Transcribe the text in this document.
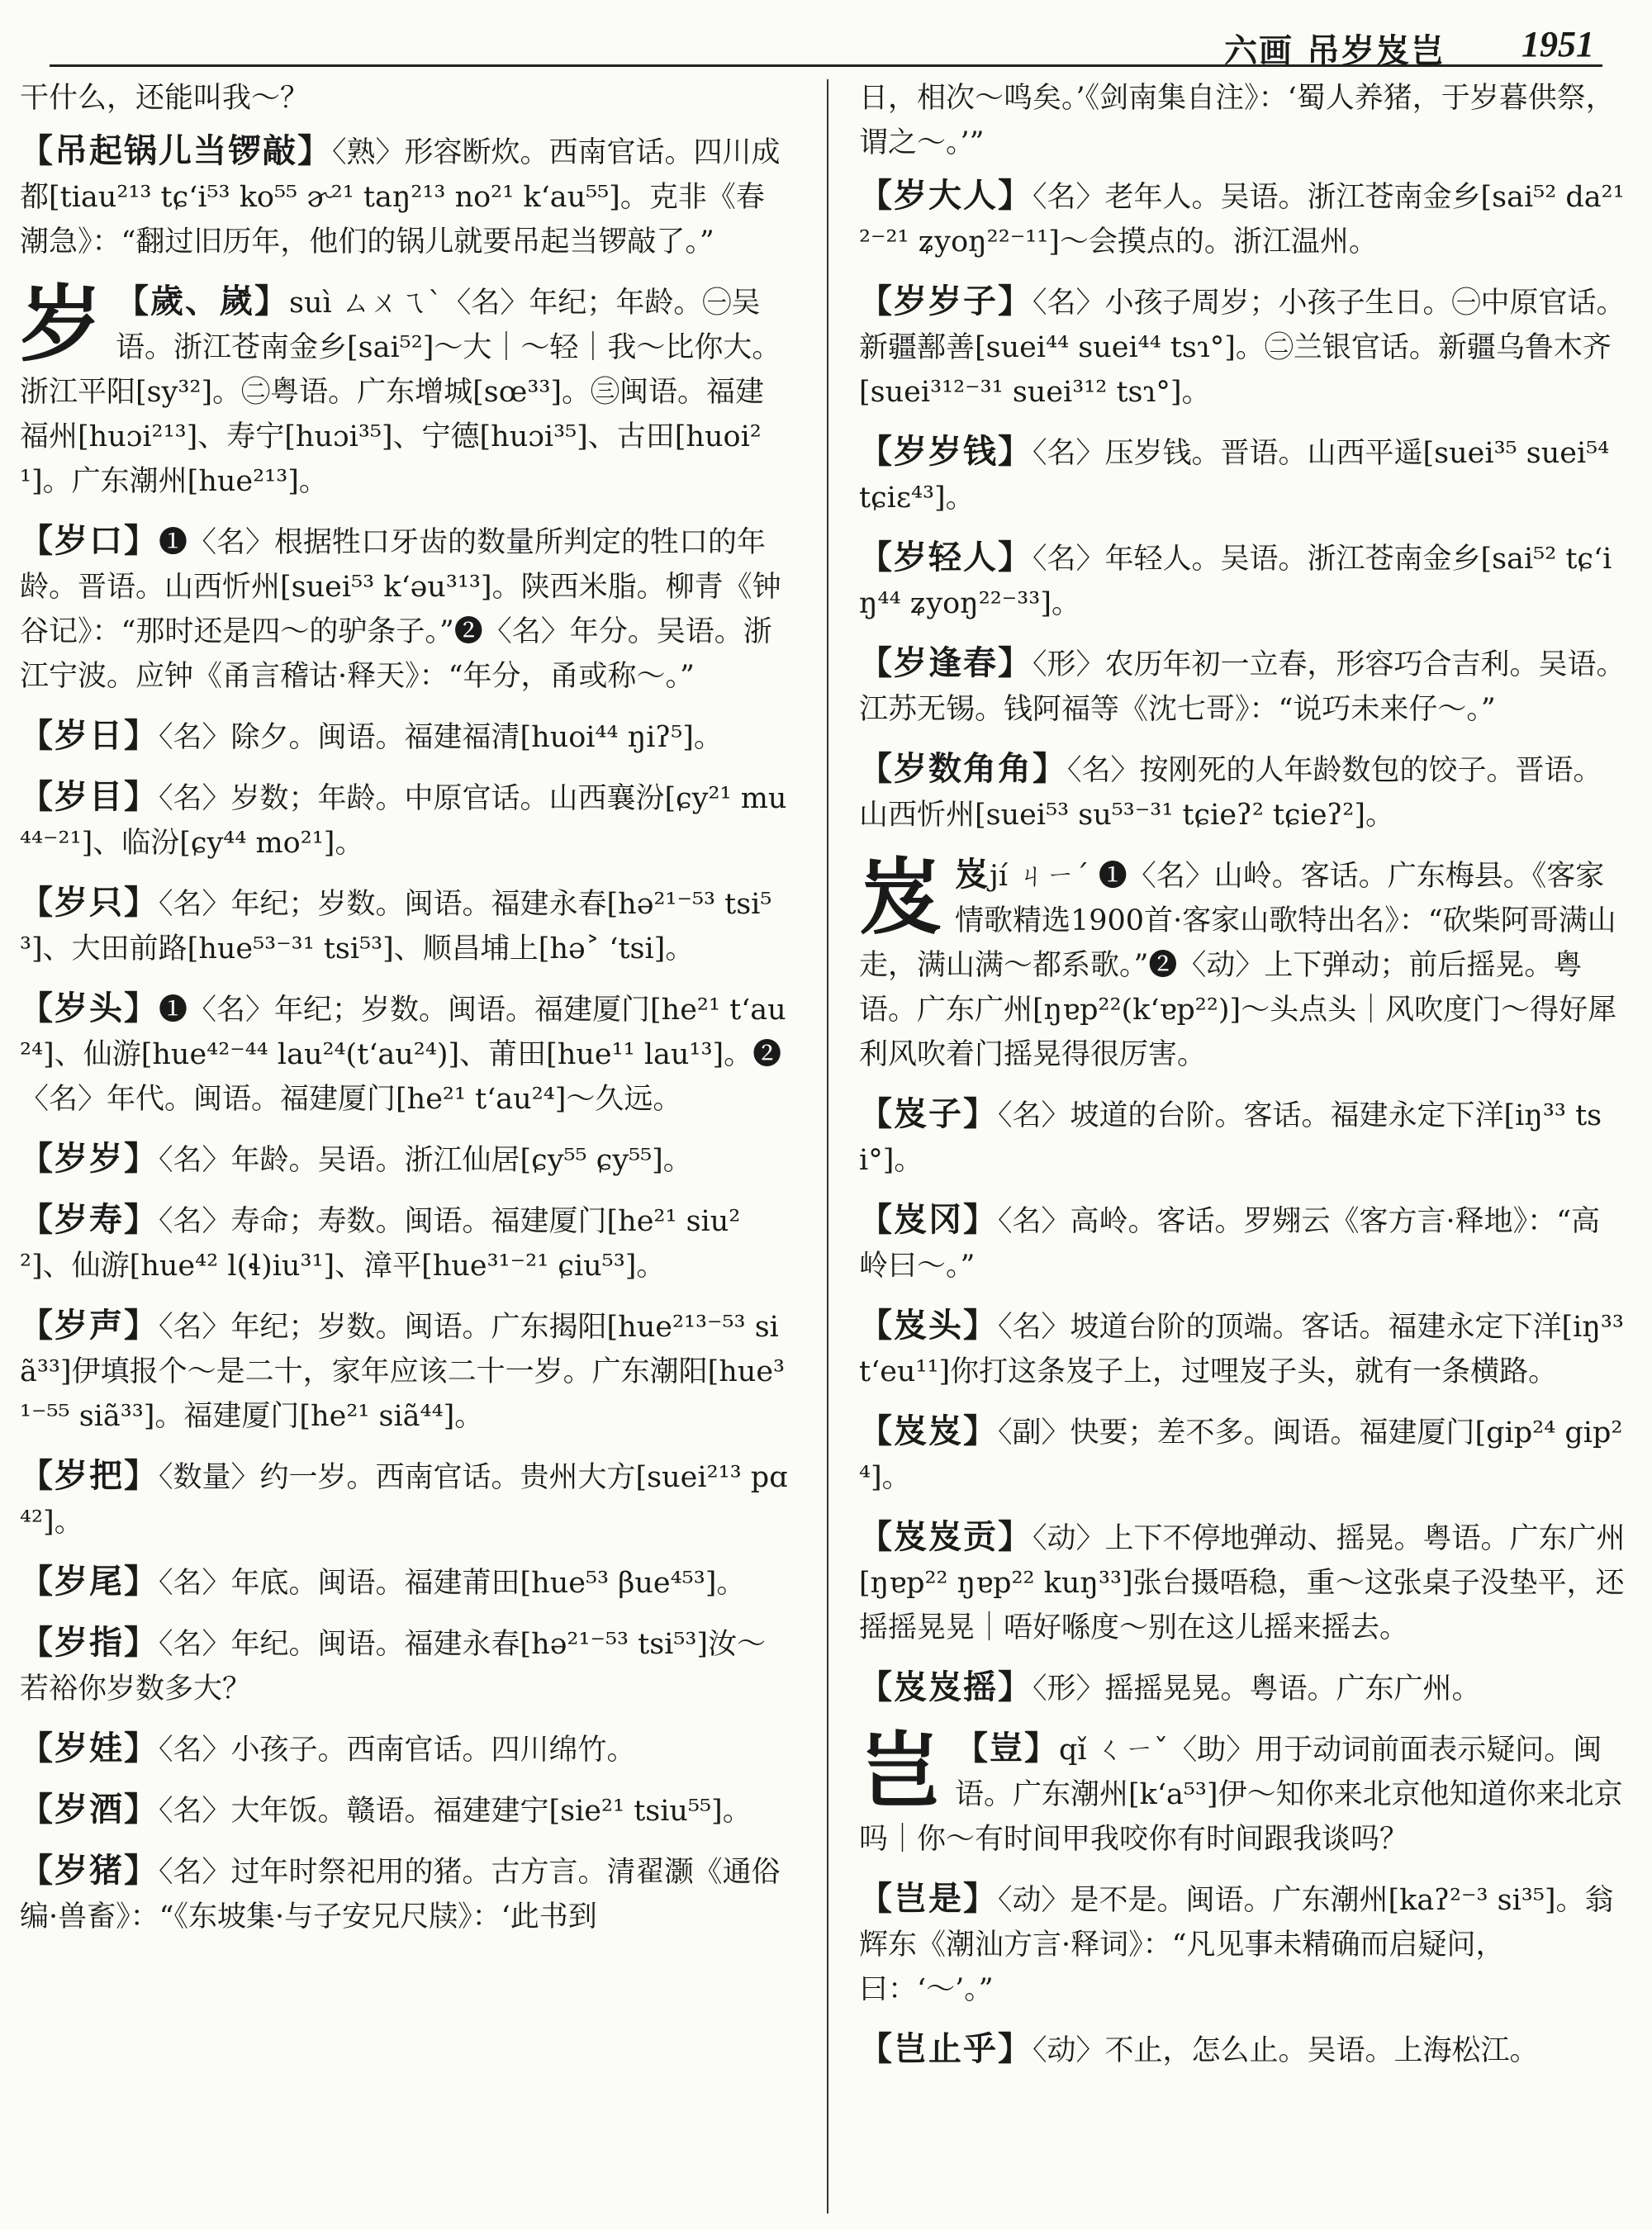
六画 吊岁岌岂 1951
干什么，还能叫我～？
【吊起锅儿当锣敲】〈熟〉形容断炊。西南官话。四川成都[tiau²¹³ tɕʻi⁵³ ko⁵⁵ ɚ²¹ taŋ²¹³ no²¹ kʻau⁵⁵]。克非《春潮急》：“翻过旧历年，他们的锅儿就要吊起当锣敲了。”
岁 【歲、嵗】suì ㄙㄨㄟˋ〈名〉年纪；年龄。㊀吴语。浙江苍南金乡[sai⁵²]～大｜～轻｜我～比你大。浙江平阳[sy³²]。㊁粤语。广东增城[sœ³³]。㊂闽语。福建福州[huɔi²¹³]、寿宁[huɔi³⁵]、宁德[huɔi³⁵]、古田[huoi²¹]。广东潮州[hue²¹³]。
【岁口】❶〈名〉根据牲口牙齿的数量所判定的牲口的年龄。晋语。山西忻州[suei⁵³ kʻəu³¹³]。陕西米脂。柳青《钟谷记》：“那时还是四～的驴条子。”❷〈名〉年分。吴语。浙江宁波。应钟《甬言稽诂·释天》：“年分，甬或称～。”
【岁日】〈名〉除夕。闽语。福建福清[huoi⁴⁴ ŋiʔ⁵]。
【岁目】〈名〉岁数；年龄。中原官话。山西襄汾[ɕy²¹ mu⁴⁴⁻²¹]、临汾[ɕy⁴⁴ mo²¹]。
【岁只】〈名〉年纪；岁数。闽语。福建永春[hə²¹⁻⁵³ tsi⁵³]、大田前路[hue⁵³⁻³¹ tsi⁵³]、顺昌埔上[hə˃ ʻtsi]。
【岁头】❶〈名〉年纪；岁数。闽语。福建厦门[he²¹ tʻau²⁴]、仙游[hue⁴²⁻⁴⁴ lau²⁴(tʻau²⁴)]、莆田[hue¹¹ lau¹³]。❷〈名〉年代。闽语。福建厦门[he²¹ tʻau²⁴]～久远。
【岁岁】〈名〉年龄。吴语。浙江仙居[ɕy⁵⁵ ɕy⁵⁵]。
【岁寿】〈名〉寿命；寿数。闽语。福建厦门[he²¹ siu²²]、仙游[hue⁴² l(ɬ)iu³¹]、漳平[hue³¹⁻²¹ ɕiu⁵³]。
【岁声】〈名〉年纪；岁数。闽语。广东揭阳[hue²¹³⁻⁵³ siã³³]伊填报个～是二十，家年应该二十一岁。广东潮阳[hue³¹⁻⁵⁵ siã³³]。福建厦门[he²¹ siã⁴⁴]。
【岁把】〈数量〉约一岁。西南官话。贵州大方[suei²¹³ pɑ⁴²]。
【岁尾】〈名〉年底。闽语。福建莆田[hue⁵³ βue⁴⁵³]。
【岁指】〈名〉年纪。闽语。福建永春[hə²¹⁻⁵³ tsi⁵³]汝～若裕你岁数多大？
【岁娃】〈名〉小孩子。西南官话。四川绵竹。
【岁酒】〈名〉大年饭。赣语。福建建宁[sie²¹ tsiu⁵⁵]。
【岁猪】〈名〉过年时祭祀用的猪。古方言。清翟灏《通俗编·兽畜》：“《东坡集·与子安兄尺牍》：‘此书到
日，相次～鸣矣。’《剑南集自注》：‘蜀人养猪，于岁暮供祭，谓之～。’”
【岁大人】〈名〉老年人。吴语。浙江苍南金乡[sai⁵² da²¹²⁻²¹ ʑyoŋ²²⁻¹¹]～会摸点的。浙江温州。
【岁岁子】〈名〉小孩子周岁；小孩子生日。㊀中原官话。新疆鄯善[suei⁴⁴ suei⁴⁴ tsɿ°]。㊁兰银官话。新疆乌鲁木齐[suei³¹²⁻³¹ suei³¹² tsɿ°]。
【岁岁钱】〈名〉压岁钱。晋语。山西平遥[suei³⁵ suei⁵⁴ tɕiɛ⁴³]。
【岁轻人】〈名〉年轻人。吴语。浙江苍南金乡[sai⁵² tɕʻiŋ⁴⁴ ʑyoŋ²²⁻³³]。
【岁逢春】〈形〉农历年初一立春，形容巧合吉利。吴语。江苏无锡。钱阿福等《沈七哥》：“说巧未来仔～。”
【岁数角角】〈名〉按刚死的人年龄数包的饺子。晋语。山西忻州[suei⁵³ su⁵³⁻³¹ tɕieʔ² tɕieʔ²]。
岌岌jí ㄐㄧˊ ❶〈名〉山岭。客话。广东梅县。《客家情歌精选1900首·客家山歌特出名》：“砍柴阿哥满山走，满山满～都系歌。”❷〈动〉上下弹动；前后摇晃。粤语。广东广州[ŋɐp²²(kʻɐp²²)]～头点头｜风吹度门～得好犀利风吹着门摇晃得很厉害。
【岌子】〈名〉坡道的台阶。客话。福建永定下洋[iŋ³³ tsi°]。
【岌冈】〈名〉高岭。客话。罗翙云《客方言·释地》：“高岭曰～。”
【岌头】〈名〉坡道台阶的顶端。客话。福建永定下洋[iŋ³³ tʻeu¹¹]你打这条岌子上，过哩岌子头，就有一条横路。
【岌岌】〈副〉快要；差不多。闽语。福建厦门[gip²⁴ gip²⁴]。
【岌岌贡】〈动〉上下不停地弹动、摇晃。粤语。广东广州[ŋɐp²² ŋɐp²² kuŋ³³]张台摄唔稳，重～这张桌子没垫平，还摇摇晃晃｜唔好喺度～别在这儿摇来摇去。
【岌岌摇】〈形〉摇摇晃晃。粤语。广东广州。
岂 【豈】qǐ ㄑㄧˇ〈助〉用于动词前面表示疑问。闽语。广东潮州[kʻa⁵³]伊～知你来北京他知道你来北京吗｜你～有时间甲我咬你有时间跟我谈吗？
【岂是】〈动〉是不是。闽语。广东潮州[kaʔ²⁻³ si³⁵]。翁辉东《潮汕方言·释词》：“凡见事未精确而启疑问，曰：‘～’。”
【岂止乎】〈动〉不止，怎么止。吴语。上海松江。
